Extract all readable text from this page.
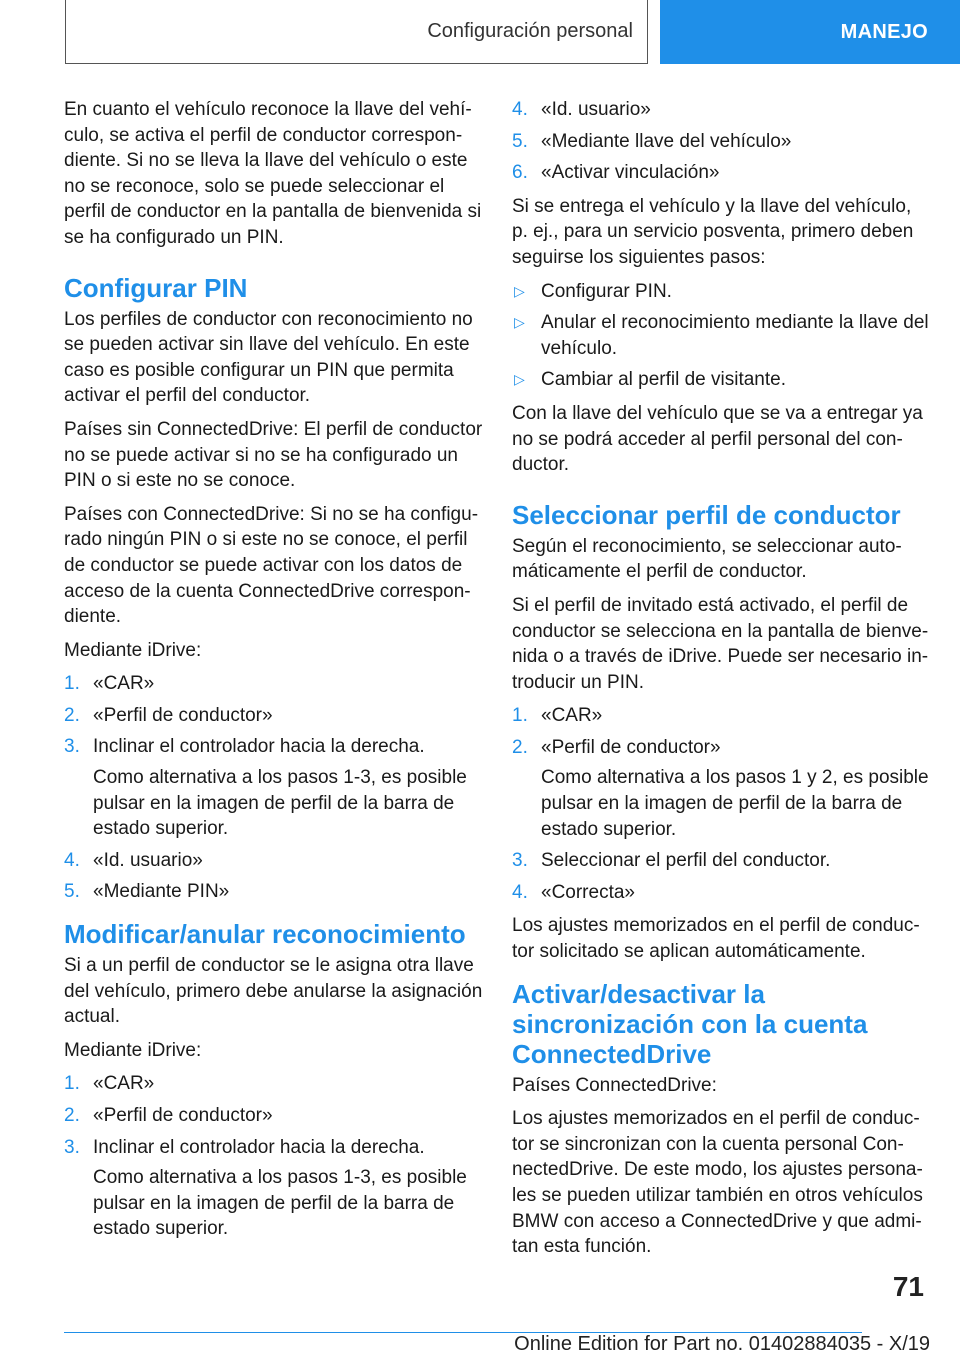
Configuración personal	MANEJO

En cuanto el vehículo reconoce la llave del vehículo, se activa el perfil de conductor correspondiente. Si no se lleva la llave del vehículo o este no se reconoce, solo se puede seleccionar el perfil de conductor en la pantalla de bienvenida si se ha configurado un PIN.

Configurar PIN

Los perfiles de conductor con reconocimiento no se pueden activar sin llave del vehículo. En este caso es posible configurar un PIN que permita activar el perfil del conductor.

Países sin ConnectedDrive: El perfil de conductor no se puede activar si no se ha configurado un PIN o si este no se conoce.

Países con ConnectedDrive: Si no se ha configurado ningún PIN o si este no se conoce, el perfil de conductor se puede activar con los datos de acceso de la cuenta ConnectedDrive correspondiente.

Mediante iDrive:

1. «CAR»
2. «Perfil de conductor»
3. Inclinar el controlador hacia la derecha.
Como alternativa a los pasos 1‑3, es posible pulsar en la imagen de perfil de la barra de estado superior.
4. «Id. usuario»
5. «Mediante PIN»
Modificar/anular reconocimiento

Si a un perfil de conductor se le asigna otra llave del vehículo, primero debe anularse la asignación actual.

Mediante iDrive:

1. «CAR»
2. «Perfil de conductor»
3. Inclinar el controlador hacia la derecha.
Como alternativa a los pasos 1‑3, es posible pulsar en la imagen de perfil de la barra de estado superior.
4. «Id. usuario»
5. «Mediante llave del vehículo»
6. «Activar vinculación»

Si se entrega el vehículo y la llave del vehículo, p. ej., para un servicio posventa, primero deben seguirse los siguientes pasos:

▷ Configurar PIN.
▷ Anular el reconocimiento mediante la llave del vehículo.
▷ Cambiar al perfil de visitante.

Con la llave del vehículo que se va a entregar ya no se podrá acceder al perfil personal del conductor.

Seleccionar perfil de conductor

Según el reconocimiento, se seleccionar automáticamente el perfil de conductor.

Si el perfil de invitado está activado, el perfil de conductor se selecciona en la pantalla de bienvenida o a través de iDrive. Puede ser necesario introducir un PIN.

1. «CAR»
2. «Perfil de conductor»
Como alternativa a los pasos 1 y 2, es posible pulsar en la imagen de perfil de la barra de estado superior.
3. Seleccionar el perfil del conductor.
4. «Correcta»

Los ajustes memorizados en el perfil de conductor solicitado se aplican automáticamente.

Activar/desactivar la sincronización con la cuenta ConnectedDrive

Países ConnectedDrive:

Los ajustes memorizados en el perfil de conductor se sincronizan con la cuenta personal ConnectedDrive. De este modo, los ajustes personales se pueden utilizar también en otros vehículos BMW con acceso a ConnectedDrive y que admitan esta función.

71
Online Edition for Part no. 01402884035 - X/19
